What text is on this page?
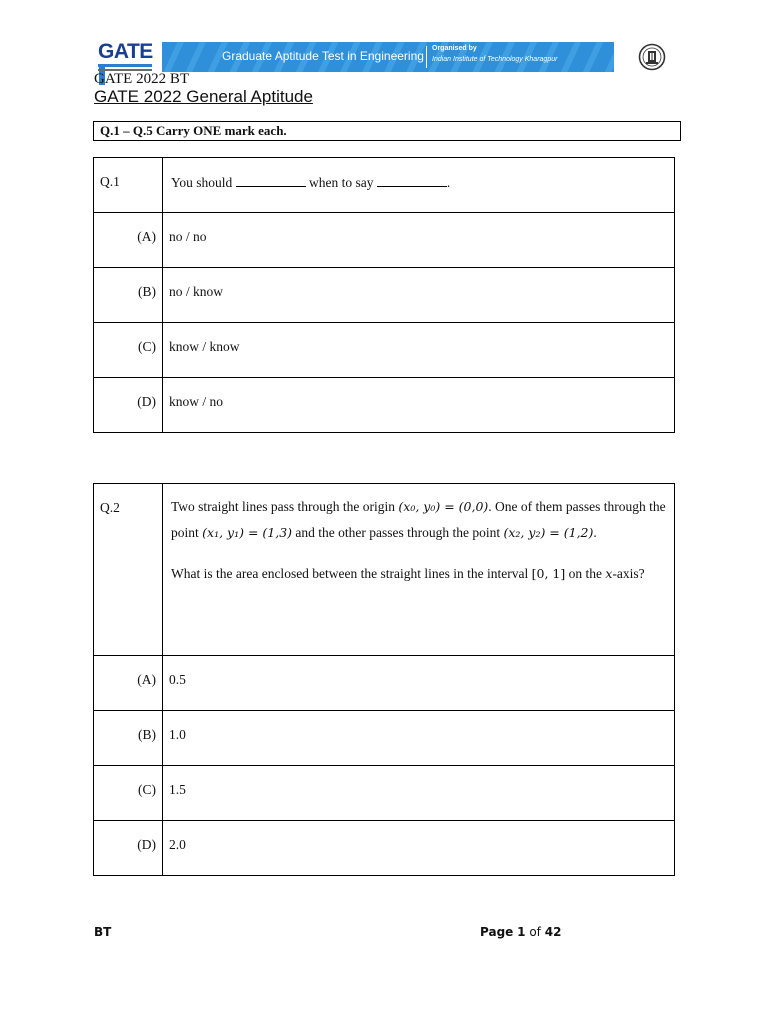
GATE	Graduate Aptitude Test in Engineering
Organised by
Indian Institute of Technology Kharagpur
GATE 2022 BT
GATE 2022 General Aptitude
Q.1 – Q.5 Carry ONE mark each.
Q.1	You should when to say .

(A)	no / no

(B)	no / know

(C)	know / know

(D)	know / no
Q.2	Two straight lines pass through the origin (x₀, y₀) = (0,0). One of them passes through the point (x₁, y₁) = (1,3) and the other passes through the point (x₂, y₂) = (1,2).

What is the area enclosed between the straight lines in the interval [0, 1] on the x-axis?

(A)	0.5

(B)	1.0

(C)	1.5

(D)	2.0
BT	Page 1 of 42
